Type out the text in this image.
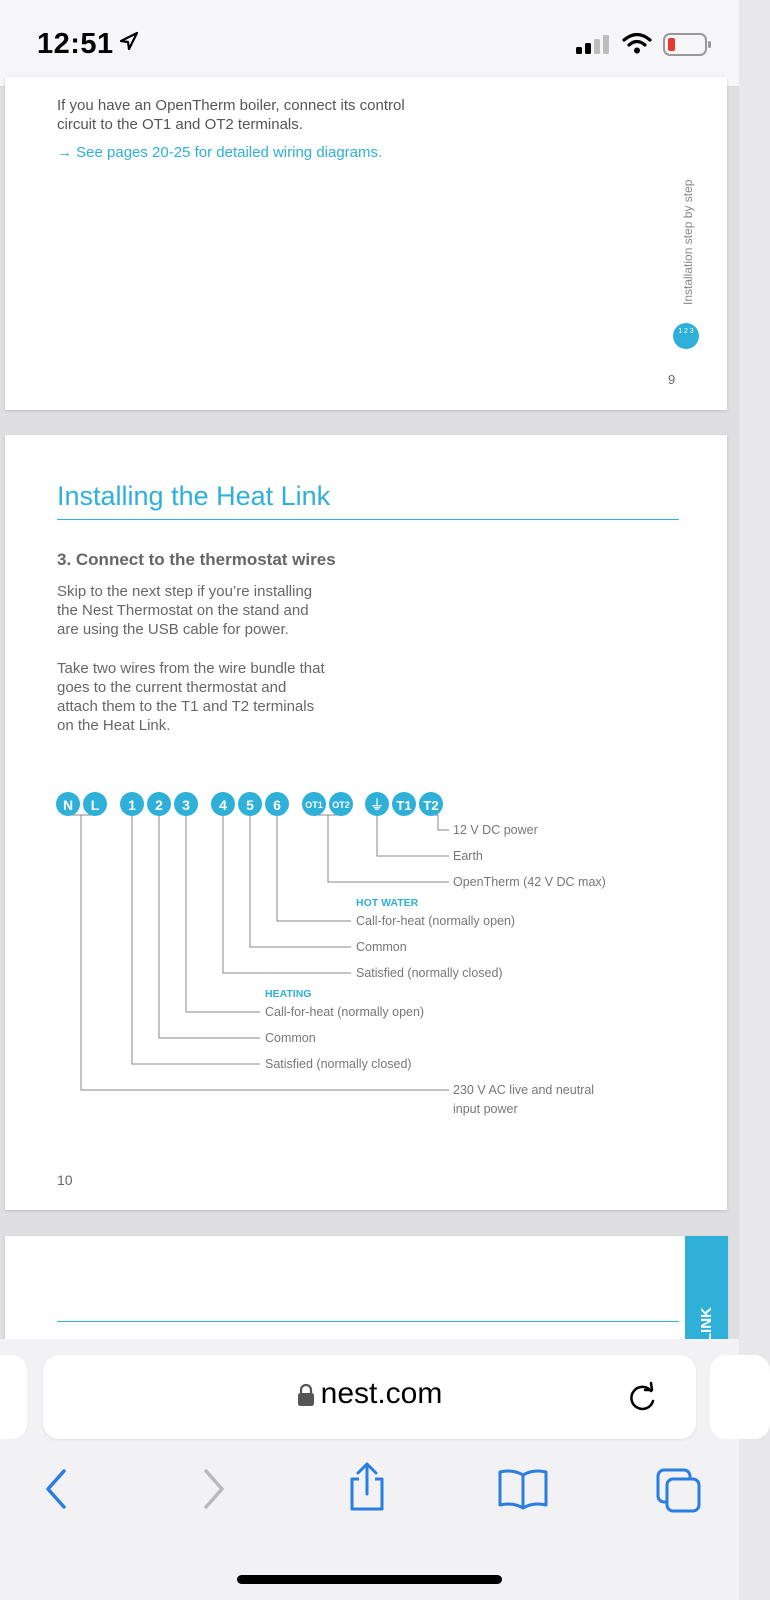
12:51
If you have an OpenTherm boiler, connect its control
circuit to the OT1 and OT2 terminals.
→ See pages 20-25 for detailed wiring diagrams.
Installation step by step
1 2 3
9
Installing the Heat Link
3. Connect to the thermostat wires
Skip to the next step if you’re installing
the Nest Thermostat on the stand and
are using the USB cable for power.
Take two wires from the wire bundle that
goes to the current thermostat and
attach them to the T1 and T2 terminals
on the Heat Link.
N L 1 2 3 4 5 6	OT1 OT2 ⏚ T1 T2
12 V DC power
Earth
OpenTherm (42 V DC max)
HOT WATER
Call-for-heat (normally open)
Common
Satisfied (normally closed)
HEATING
Call-for-heat (normally open)
Common
Satisfied (normally closed)
230 V AC live and neutral
input power
10
nest.com
